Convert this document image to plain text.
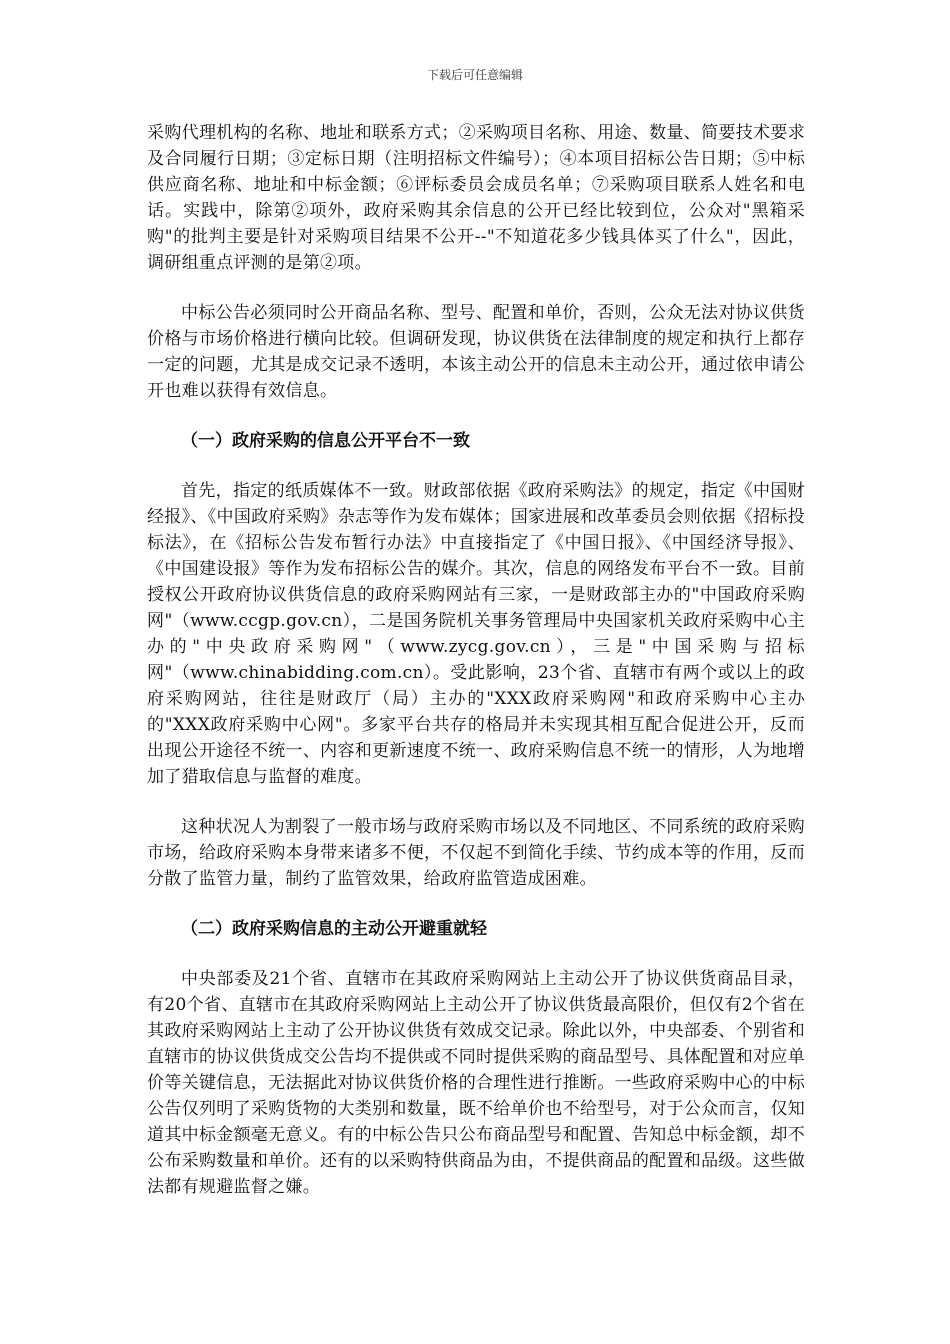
下载后可任意编辑

采购代理机构的名称、地址和联系方式；②采购项目名称、用途、数量、简要技术要求及合同履行日期；③定标日期（注明招标文件编号）；④本项目招标公告日期；⑤中标供应商名称、地址和中标金额；⑥评标委员会成员名单；⑦采购项目联系人姓名和电话。实践中，除第②项外，政府采购其余信息的公开已经比较到位，公众对"黑箱采购"的批判主要是针对采购项目结果不公开--"不知道花多少钱具体买了什么"，因此，调研组重点评测的是第②项。

中标公告必须同时公开商品名称、型号、配置和单价，否则，公众无法对协议供货价格与市场价格进行横向比较。但调研发现，协议供货在法律制度的规定和执行上都存一定的问题，尤其是成交记录不透明，本该主动公开的信息未主动公开，通过依申请公开也难以获得有效信息。

（一）政府采购的信息公开平台不一致

首先，指定的纸质媒体不一致。财政部依据《政府采购法》的规定，指定《中国财经报》、《中国政府采购》杂志等作为发布媒体；国家进展和改革委员会则依据《招标投标法》，在《招标公告发布暂行办法》中直接指定了《中国日报》、《中国经济导报》、《中国建设报》等作为发布招标公告的媒介。其次，信息的网络发布平台不一致。目前授权公开政府协议供货信息的政府采购网站有三家，一是财政部主办的"中国政府采购网"（www.ccgp.gov.cn），二是国务院机关事务管理局中央国家机关政府采购中心主办的"中央政府采购网"（www.zycg.gov.cn），三是"中国采购与招标网"（www.chinabidding.com.cn）。受此影响，23个省、直辖市有两个或以上的政府采购网站，往往是财政厅（局）主办的"XXX政府采购网"和政府采购中心主办的"XXX政府采购中心网"。多家平台共存的格局并未实现其相互配合促进公开，反而出现公开途径不统一、内容和更新速度不统一、政府采购信息不统一的情形，人为地增加了猎取信息与监督的难度。

这种状况人为割裂了一般市场与政府采购市场以及不同地区、不同系统的政府采购市场，给政府采购本身带来诸多不便，不仅起不到简化手续、节约成本等的作用，反而分散了监管力量，制约了监管效果，给政府监管造成困难。

（二）政府采购信息的主动公开避重就轻

中央部委及21个省、直辖市在其政府采购网站上主动公开了协议供货商品目录，有20个省、直辖市在其政府采购网站上主动公开了协议供货最高限价，但仅有2个省在其政府采购网站上主动了公开协议供货有效成交记录。除此以外，中央部委、个别省和直辖市的协议供货成交公告均不提供或不同时提供采购的商品型号、具体配置和对应单价等关键信息，无法据此对协议供货价格的合理性进行推断。一些政府采购中心的中标公告仅列明了采购货物的大类别和数量，既不给单价也不给型号，对于公众而言，仅知道其中标金额毫无意义。有的中标公告只公布商品型号和配置、告知总中标金额，却不公布采购数量和单价。还有的以采购特供商品为由，不提供商品的配置和品级。这些做法都有规避监督之嫌。
